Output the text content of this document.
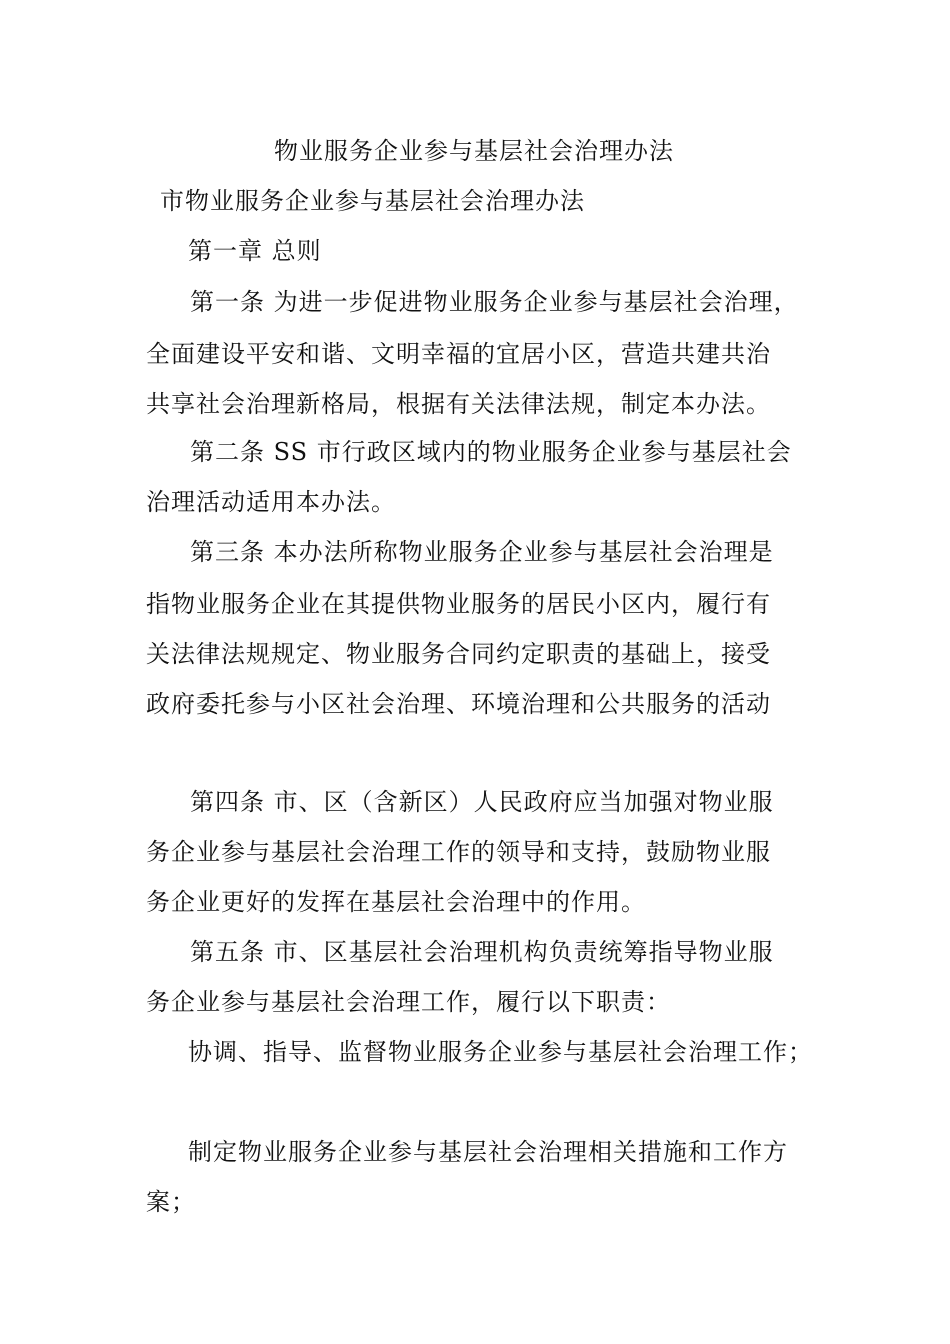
物业服务企业参与基层社会治理办法
市物业服务企业参与基层社会治理办法
第一章 总则
第一条 为进一步促进物业服务企业参与基层社会治理，
全面建设平安和谐、文明幸福的宜居小区，营造共建共治
共享社会治理新格局，根据有关法律法规，制定本办法。
第二条 SS 市行政区域内的物业服务企业参与基层社会
治理活动适用本办法。
第三条 本办法所称物业服务企业参与基层社会治理是
指物业服务企业在其提供物业服务的居民小区内，履行有
关法律法规规定、物业服务合同约定职责的基础上，接受
政府委托参与小区社会治理、环境治理和公共服务的活动
第四条 市、区（含新区）人民政府应当加强对物业服
务企业参与基层社会治理工作的领导和支持，鼓励物业服
务企业更好的发挥在基层社会治理中的作用。
第五条 市、区基层社会治理机构负责统筹指导物业服
务企业参与基层社会治理工作，履行以下职责：
协调、指导、监督物业服务企业参与基层社会治理工作；
制定物业服务企业参与基层社会治理相关措施和工作方
案；
